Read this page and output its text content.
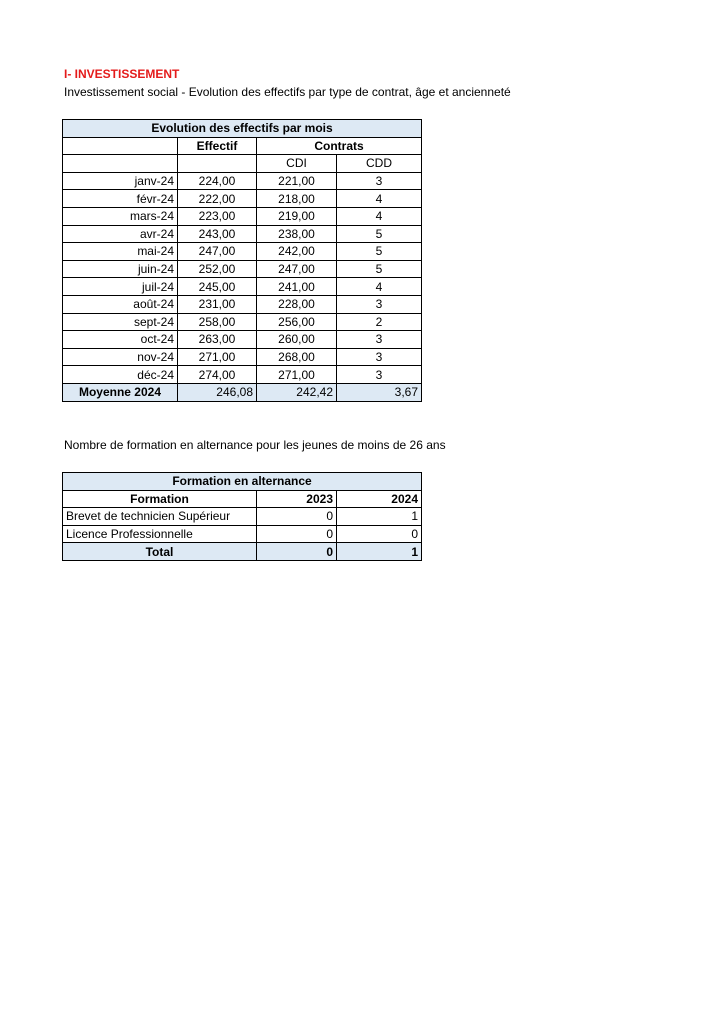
I- INVESTISSEMENT
Investissement social - Evolution des effectifs par type de contrat, âge et ancienneté
Evolution des effectifs par mois			
	Effectif	Contrats	
		CDI	CDD
janv-24	224,00	221,00	3
févr-24	222,00	218,00	4
mars-24	223,00	219,00	4
avr-24	243,00	238,00	5
mai-24	247,00	242,00	5
juin-24	252,00	247,00	5
juil-24	245,00	241,00	4
août-24	231,00	228,00	3
sept-24	258,00	256,00	2
oct-24	263,00	260,00	3
nov-24	271,00	268,00	3
déc-24	274,00	271,00	3
Moyenne 2024	246,08	242,42	3,67
Nombre de formation en alternance pour les jeunes de moins de 26 ans
Formation en alternance		
Formation	2023	2024
Brevet de technicien Supérieur	0	1
Licence Professionnelle	0	0
Total	0	1
